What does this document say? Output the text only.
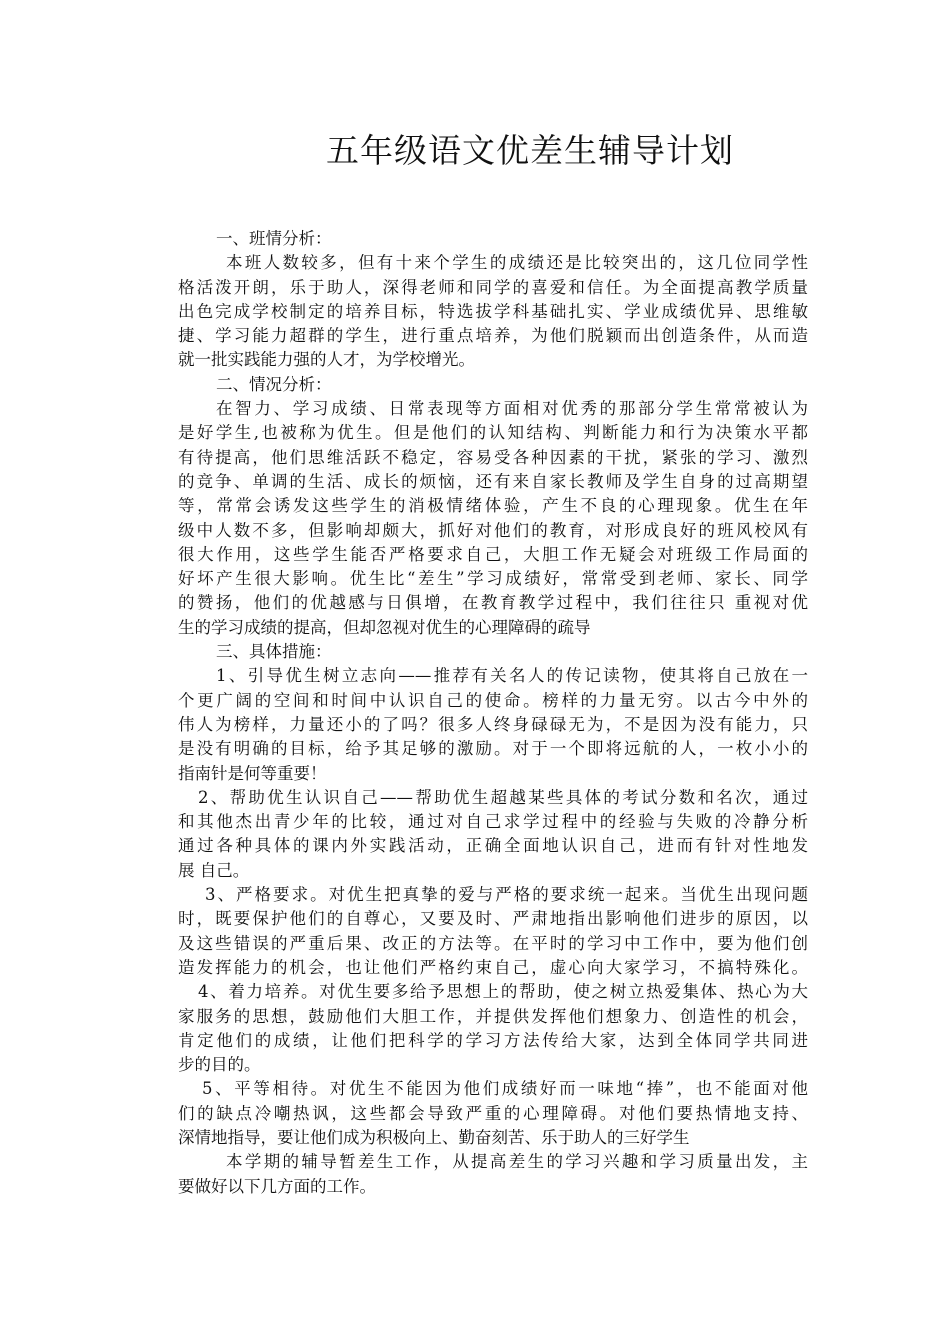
五年级语文优差生辅导计划
一、班情分析：
本班人数较多，但有十来个学生的成绩还是比较突出的，这几位同学性
格活泼开朗，乐于助人，深得老师和同学的喜爱和信任。为全面提高教学质量
出色完成学校制定的培养目标，特选拔学科基础扎实、学业成绩优异、思维敏
捷、学习能力超群的学生，进行重点培养，为他们脱颖而出创造条件，从而造
就一批实践能力强的人才，为学校增光。
二、情况分析：
在智力、学习成绩、日常表现等方面相对优秀的那部分学生常常被认为
是好学生,也被称为优生。但是他们的认知结构、判断能力和行为决策水平都
有待提高，他们思维活跃不稳定，容易受各种因素的干扰，紧张的学习、激烈
的竞争、单调的生活、成长的烦恼，还有来自家长教师及学生自身的过高期望
等，常常会诱发这些学生的消极情绪体验，产生不良的心理现象。优生在年
级中人数不多，但影响却颇大，抓好对他们的教育，对形成良好的班风校风有
很大作用，这些学生能否严格要求自己，大胆工作无疑会对班级工作局面的
好坏产生很大影响。优生比“差生”学习成绩好，常常受到老师、家长、同学
的赞扬，他们的优越感与日俱增，在教育教学过程中，我们往往只 重视对优
生的学习成绩的提高，但却忽视对优生的心理障碍的疏导
三、具体措施：
1、引导优生树立志向——推荐有关名人的传记读物，使其将自己放在一
个更广阔的空间和时间中认识自己的使命。榜样的力量无穷。以古今中外的
伟人为榜样，力量还小的了吗？很多人终身碌碌无为，不是因为没有能力，只
是没有明确的目标，给予其足够的激励。对于一个即将远航的人，一枚小小的
指南针是何等重要！
2、帮助优生认识自己——帮助优生超越某些具体的考试分数和名次，通过
和其他杰出青少年的比较，通过对自己求学过程中的经验与失败的冷静分析
通过各种具体的课内外实践活动，正确全面地认识自己，进而有针对性地发
展 自己。
3、严格要求。对优生把真挚的爱与严格的要求统一起来。当优生出现问题
时，既要保护他们的自尊心，又要及时、严肃地指出影响他们进步的原因，以
及这些错误的严重后果、改正的方法等。在平时的学习中工作中，要为他们创
造发挥能力的机会，也让他们严格约束自己，虚心向大家学习，不搞特殊化。
4、着力培养。对优生要多给予思想上的帮助，使之树立热爱集体、热心为大
家服务的思想，鼓励他们大胆工作，并提供发挥他们想象力、创造性的机会，
肯定他们的成绩，让他们把科学的学习方法传给大家，达到全体同学共同进
步的目的。
5、平等相待。对优生不能因为他们成绩好而一味地“捧”，也不能面对他
们的缺点冷嘲热讽，这些都会导致严重的心理障碍。对他们要热情地支持、
深情地指导，要让他们成为积极向上、勤奋刻苦、乐于助人的三好学生
本学期的辅导暂差生工作，从提高差生的学习兴趣和学习质量出发，主
要做好以下几方面的工作。
